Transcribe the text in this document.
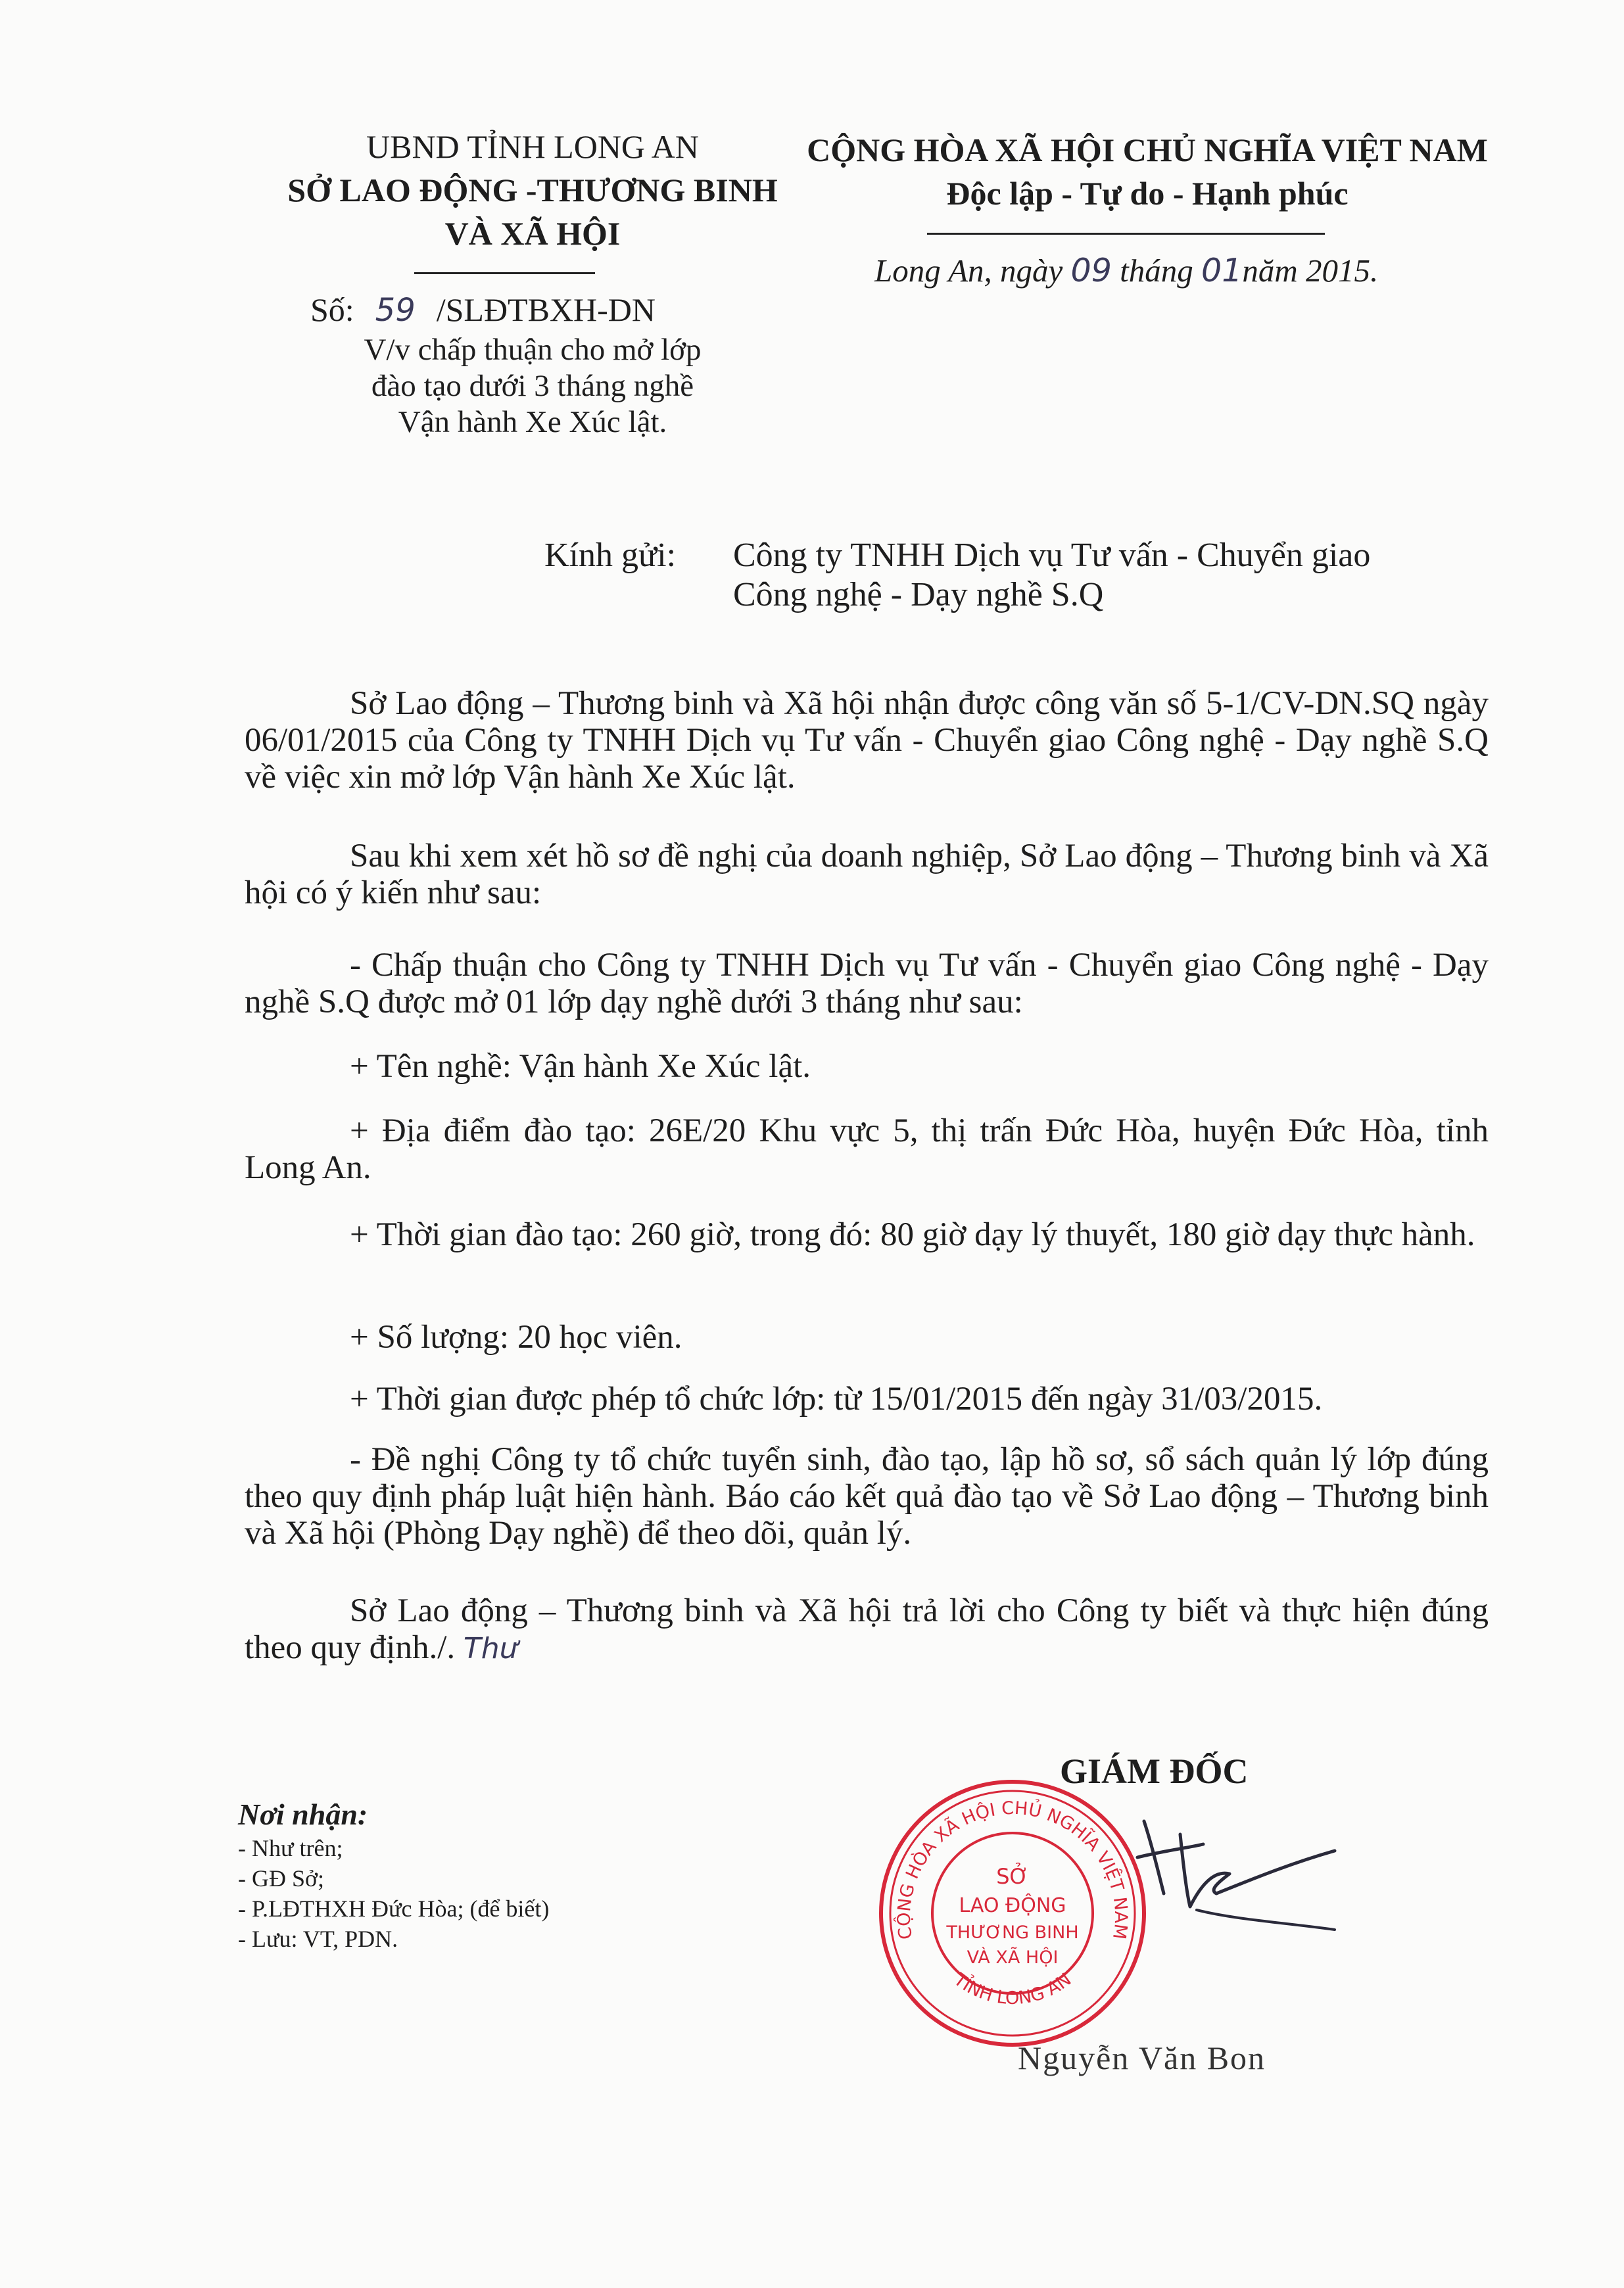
UBND TỈNH LONG AN
SỞ LAO ĐỘNG -THƯƠNG BINH
VÀ XÃ HỘI
Số: 59 /SLĐTBXH-DN
V/v chấp thuận cho mở lớp
đào tạo dưới 3 tháng nghề
Vận hành Xe Xúc lật.
CỘNG HÒA XÃ HỘI CHỦ NGHĨA VIỆT NAM
Độc lập - Tự do - Hạnh phúc
Long An, ngày 09 tháng 01năm 2015.
Kính gửi: Công ty TNHH Dịch vụ Tư vấn - Chuyển giao
Công nghệ - Dạy nghề S.Q

Sở Lao động – Thương binh và Xã hội nhận được công văn số 5-1/CV-DN.SQ ngày 06/01/2015 của Công ty TNHH Dịch vụ Tư vấn - Chuyển giao Công nghệ - Dạy nghề S.Q về việc xin mở lớp Vận hành Xe Xúc lật.

Sau khi xem xét hồ sơ đề nghị của doanh nghiệp, Sở Lao động – Thương binh và Xã hội có ý kiến như sau:

- Chấp thuận cho Công ty TNHH Dịch vụ Tư vấn - Chuyển giao Công nghệ - Dạy nghề S.Q được mở 01 lớp dạy nghề dưới 3 tháng như sau:

+ Tên nghề: Vận hành Xe Xúc lật.

+ Địa điểm đào tạo: 26E/20 Khu vực 5, thị trấn Đức Hòa, huyện Đức Hòa, tỉnh Long An.

+ Thời gian đào tạo: 260 giờ, trong đó: 80 giờ dạy lý thuyết, 180 giờ dạy thực hành.

+ Số lượng: 20 học viên.
+ Thời gian được phép tổ chức lớp: từ 15/01/2015 đến ngày 31/03/2015.

- Đề nghị Công ty tổ chức tuyển sinh, đào tạo, lập hồ sơ, sổ sách quản lý lớp đúng theo quy định pháp luật hiện hành. Báo cáo kết quả đào tạo về Sở Lao động – Thương binh và Xã hội (Phòng Dạy nghề) để theo dõi, quản lý.

Sở Lao động – Thương binh và Xã hội trả lời cho Công ty biết và thực hiện đúng theo quy định./. Thư

Nơi nhận:
- Như trên;
- GĐ Sở;
- P.LĐTHXH Đức Hòa; (để biết)
- Lưu: VT, PDN.
GIÁM ĐỐC
CỘNG HÒA XÃ HỘI CHỦ NGHĨA VIỆT NAM
TỈNH LONG AN
SỞ
LAO ĐỘNG
THƯƠNG BINH
VÀ XÃ HỘI
Nguyễn Văn Bon
